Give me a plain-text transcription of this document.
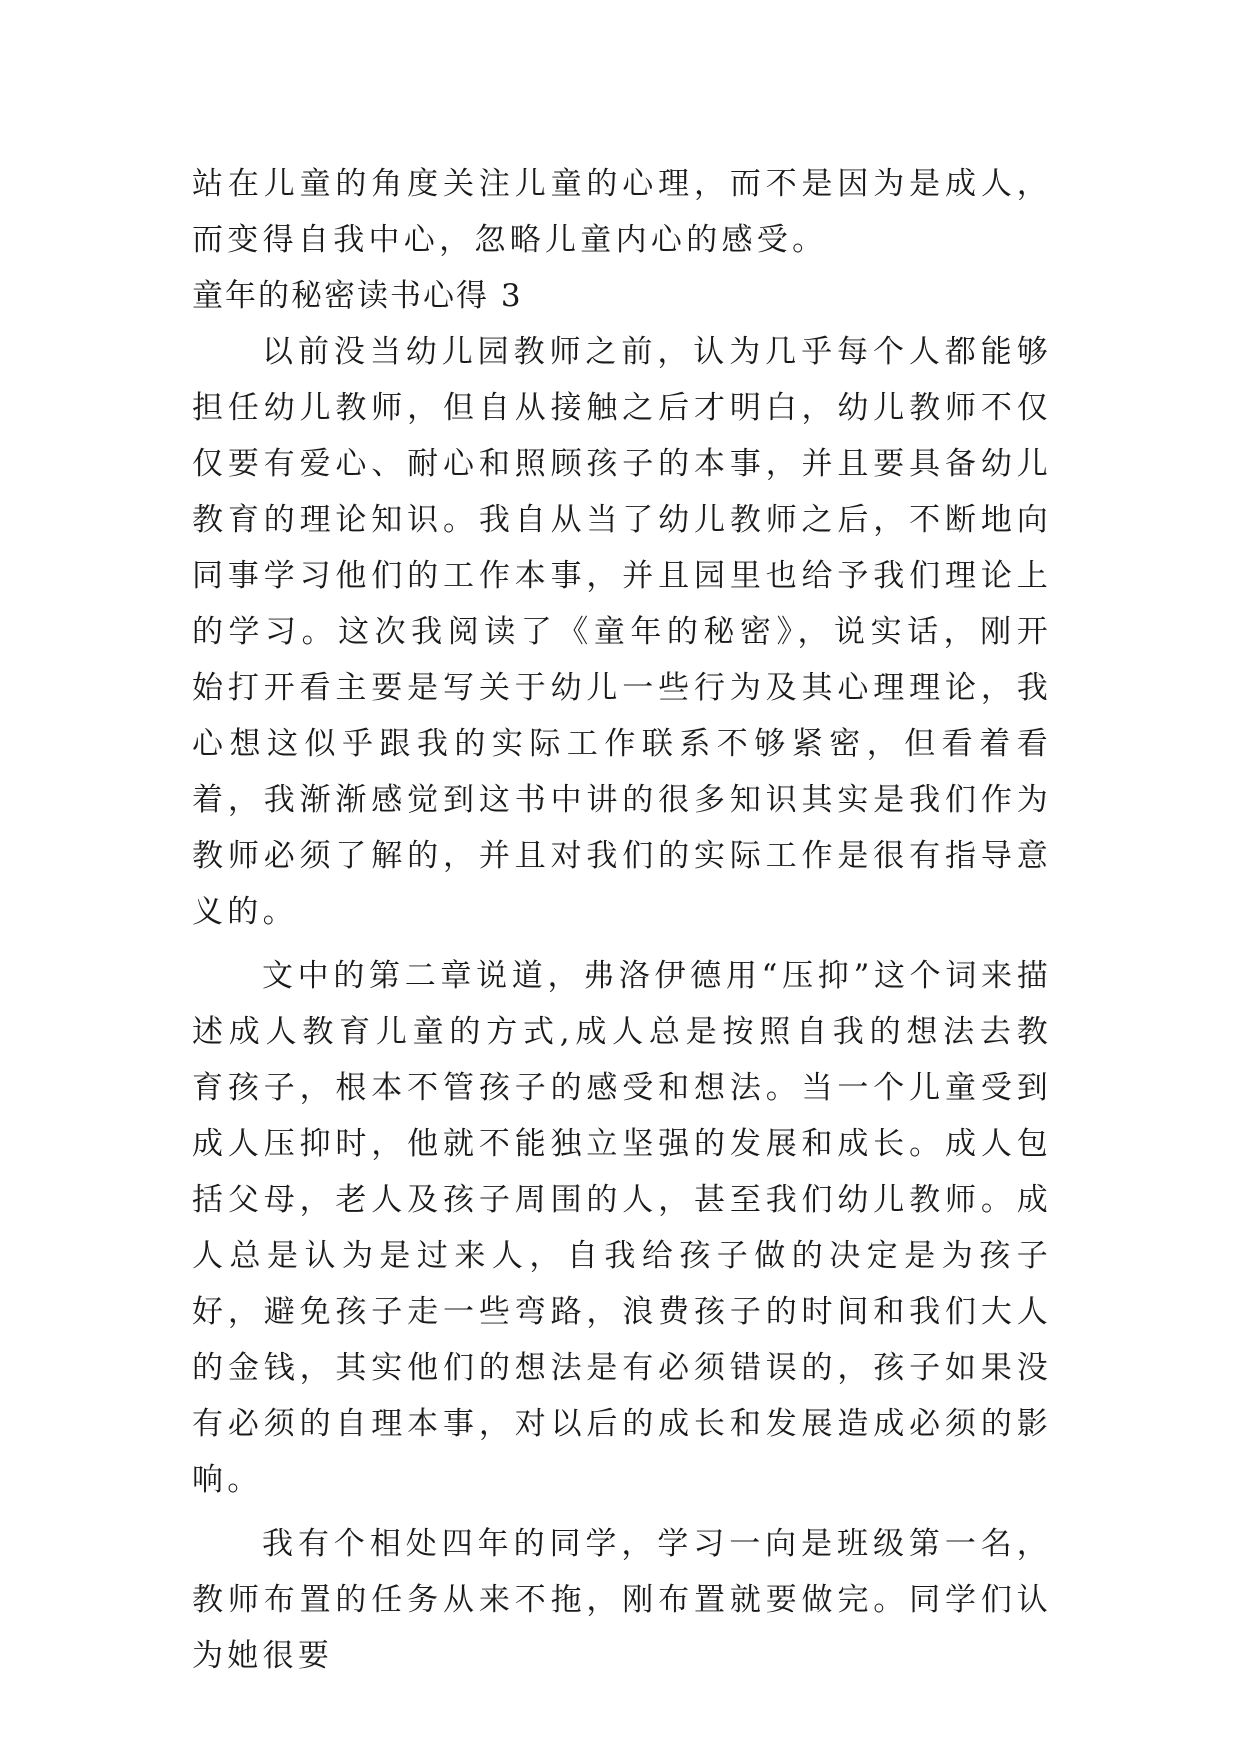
站在儿童的角度关注儿童的心理，而不是因为是成人，而变得自我中心，忽略儿童内心的感受。

童年的秘密读书心得 3

以前没当幼儿园教师之前，认为几乎每个人都能够担任幼儿教师，但自从接触之后才明白，幼儿教师不仅仅要有爱心、耐心和照顾孩子的本事，并且要具备幼儿教育的理论知识。我自从当了幼儿教师之后，不断地向同事学习他们的工作本事，并且园里也给予我们理论上的学习。这次我阅读了《童年的秘密》，说实话，刚开始打开看主要是写关于幼儿一些行为及其心理理论，我心想这似乎跟我的实际工作联系不够紧密，但看着看着，我渐渐感觉到这书中讲的很多知识其实是我们作为教师必须了解的，并且对我们的实际工作是很有指导意义的。

文中的第二章说道，弗洛伊德用“压抑”这个词来描述成人教育儿童的方式,成人总是按照自我的想法去教育孩子，根本不管孩子的感受和想法。当一个儿童受到成人压抑时，他就不能独立坚强的发展和成长。成人包括父母，老人及孩子周围的人，甚至我们幼儿教师。成人总是认为是过来人，自我给孩子做的决定是为孩子好，避免孩子走一些弯路，浪费孩子的时间和我们大人的金钱，其实他们的想法是有必须错误的，孩子如果没有必须的自理本事，对以后的成长和发展造成必须的影响。

我有个相处四年的同学，学习一向是班级第一名，教师布置的任务从来不拖，刚布置就要做完。同学们认为她很要
